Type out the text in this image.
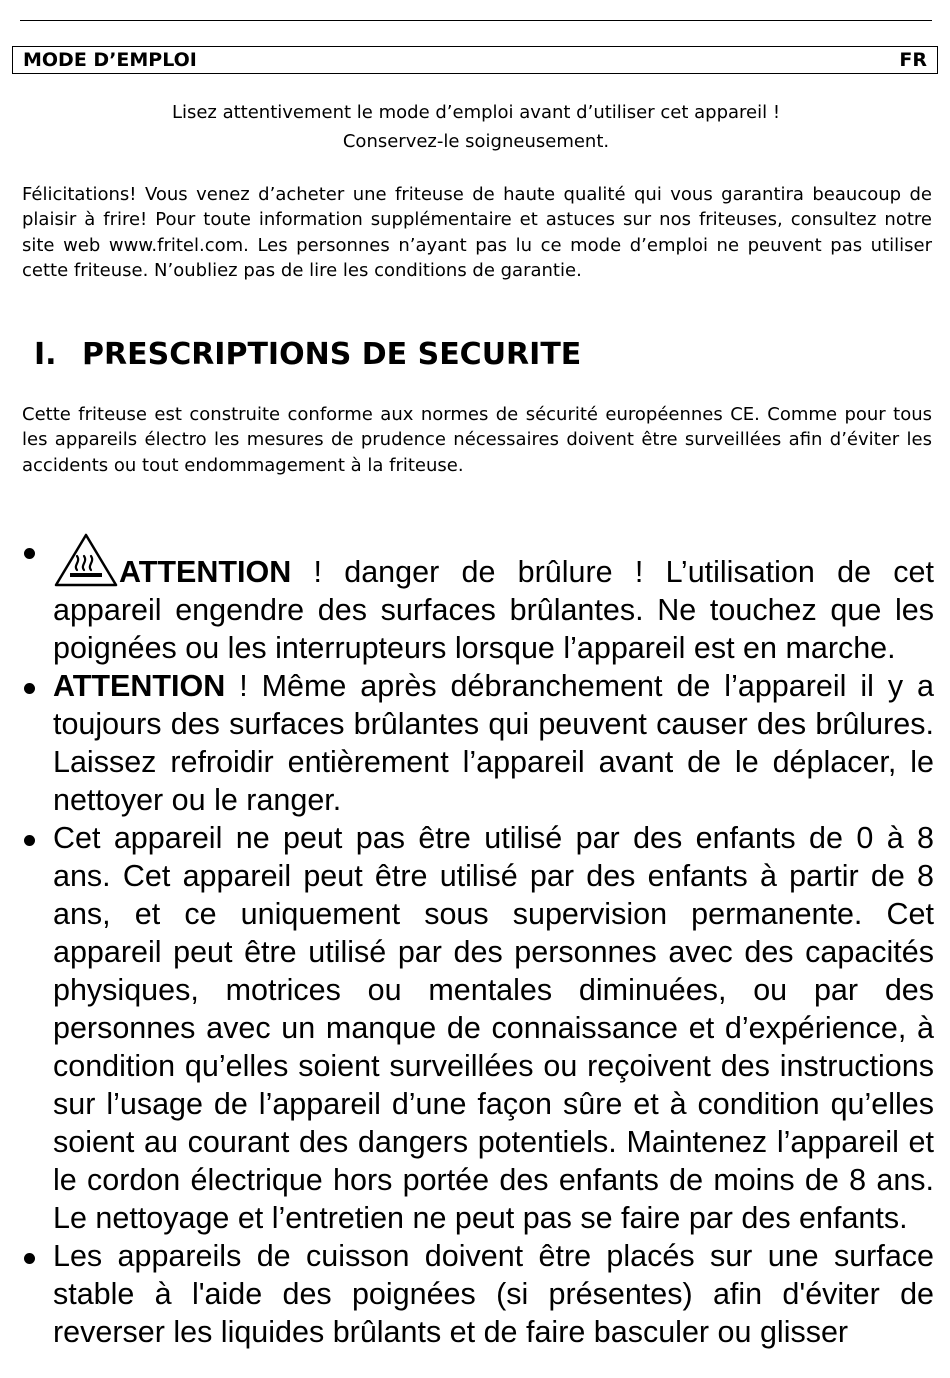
MODE D’EMPLOI	FR
Lisez attentivement le mode d’emploi avant d’utiliser cet appareil !
Conservez-le soigneusement.
Félicitations! Vous venez d’acheter une friteuse de haute qualité qui vous garantira beaucoup de plaisir à frire! Pour toute information supplémentaire et astuces sur nos friteuses, consultez notre site web www.fritel.com. Les personnes n’ayant pas lu ce mode d’emploi ne peuvent pas utiliser cette friteuse. N’oubliez pas de lire les conditions de garantie.
I. PRESCRIPTIONS DE SECURITE
Cette friteuse est construite conforme aux normes de sécurité européennes CE. Comme pour tous les appareils électro les mesures de prudence nécessaires doivent être surveillées afin d’éviter les accidents ou tout endommagement à la friteuse.
ATTENTION ! danger de brûlure ! L’utilisation de cet appareil engendre des surfaces brûlantes. Ne touchez que les poignées ou les interrupteurs lorsque l’appareil est en marche.
ATTENTION ! Même après débranchement de l’appareil il y a toujours des surfaces brûlantes qui peuvent causer des brûlures. Laissez refroidir entièrement l’appareil avant de le déplacer, le nettoyer ou le ranger.
Cet appareil ne peut pas être utilisé par des enfants de 0 à 8 ans. Cet appareil peut être utilisé par des enfants à partir de 8 ans, et ce uniquement sous supervision permanente. Cet appareil peut être utilisé par des personnes avec des capacités physiques, motrices ou mentales diminuées, ou par des personnes avec un manque de connaissance et d’expérience, à condition qu’elles soient surveillées ou reçoivent des instructions sur l’usage de l’appareil d’une façon sûre et à condition qu’elles soient au courant des dangers potentiels. Maintenez l’appareil et le cordon électrique hors portée des enfants de moins de 8 ans. Le nettoyage et l’entretien ne peut pas se faire par des enfants.
Les appareils de cuisson doivent être placés sur une surface stable à l'aide des poignées (si présentes) afin d'éviter de reverser les liquides brûlants et de faire basculer ou glisser
